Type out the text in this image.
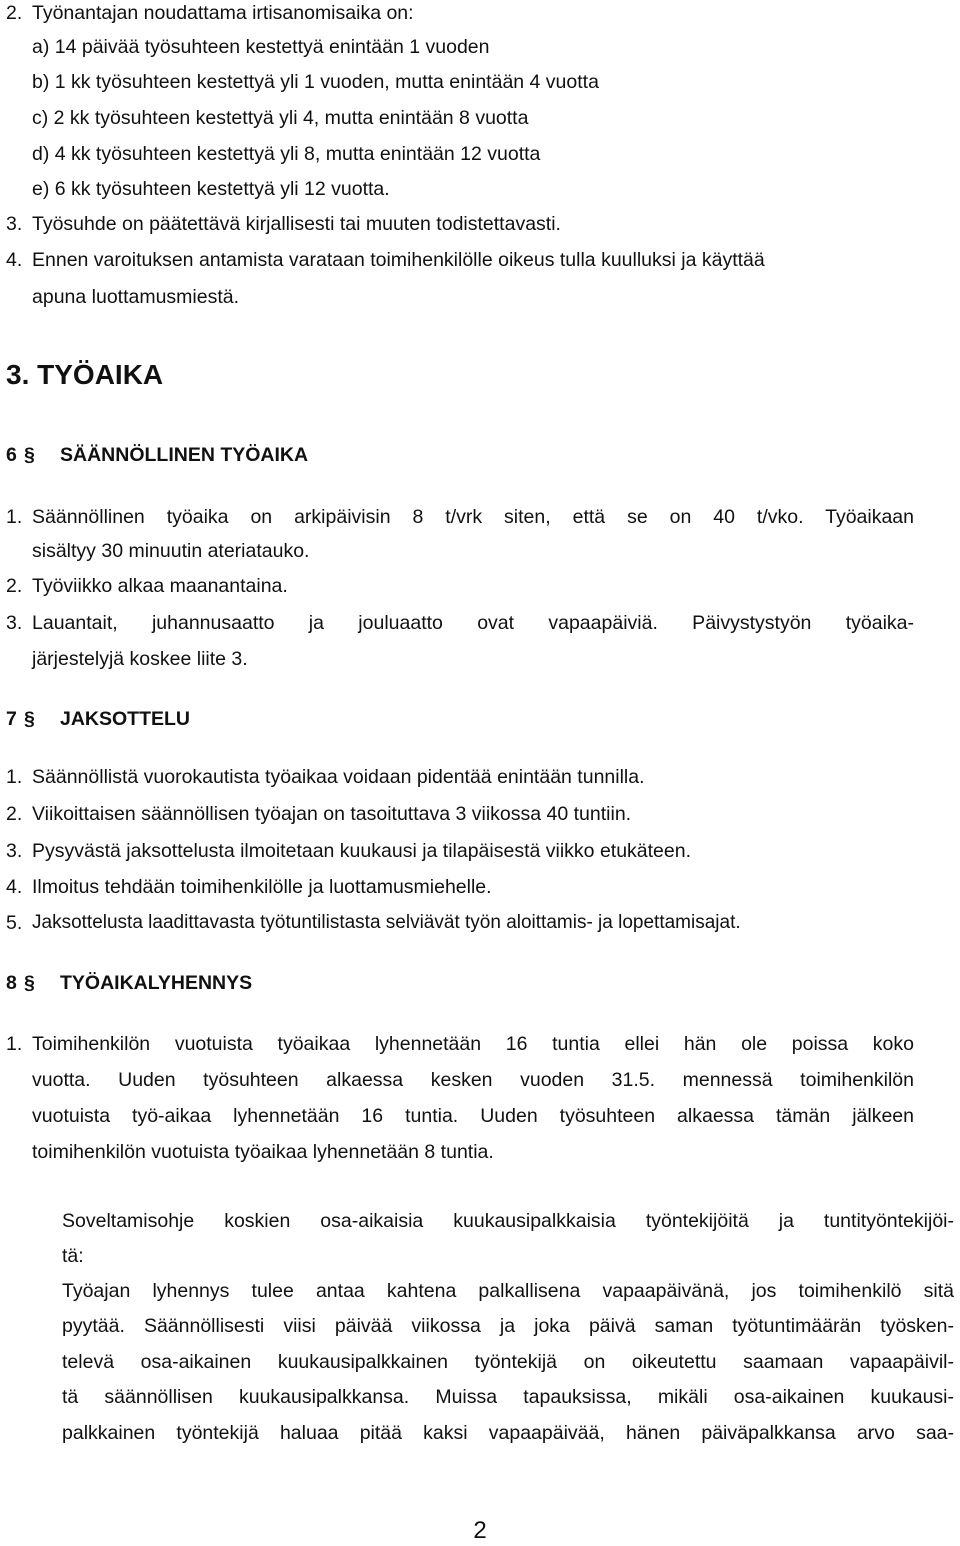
2. Työnantajan noudattama irtisanomisaika on:
a) 14 päivää työsuhteen kestettyä enintään 1 vuoden
b) 1 kk työsuhteen kestettyä yli 1 vuoden, mutta enintään 4 vuotta
c) 2 kk työsuhteen kestettyä yli 4, mutta enintään 8 vuotta
d) 4 kk työsuhteen kestettyä yli 8, mutta enintään 12 vuotta
e) 6 kk työsuhteen kestettyä yli 12 vuotta.
3. Työsuhde on päätettävä kirjallisesti tai muuten todistettavasti.
4. Ennen varoituksen antamista varataan toimihenkilölle oikeus tulla kuulluksi ja käyttää
apuna luottamusmiestä.
3. TYÖAIKA
6 § SÄÄNNÖLLINEN TYÖAIKA
1. Säännöllinen työaika on arkipäivisin 8 t/vrk siten, että se on 40 t/vko. Työaikaan
sisältyy 30 minuutin ateriatauko.
2. Työviikko alkaa maanantaina.
3. Lauantait, juhannusaatto ja jouluaatto ovat vapaapäiviä. Päivystystyön työaika-
järjestelyjä koskee liite 3.
7 § JAKSOTTELU
1. Säännöllistä vuorokautista työaikaa voidaan pidentää enintään tunnilla.
2. Viikoittaisen säännöllisen työajan on tasoituttava 3 viikossa 40 tuntiin.
3. Pysyvästä jaksottelusta ilmoitetaan kuukausi ja tilapäisestä viikko etukäteen.
4. Ilmoitus tehdään toimihenkilölle ja luottamusmiehelle.
5. Jaksottelusta laadittavasta työtuntilistasta selviävät työn aloittamis- ja lopettamisajat.
8 § TYÖAIKALYHENNYS
1. Toimihenkilön vuotuista työaikaa lyhennetään 16 tuntia ellei hän ole poissa koko
vuotta. Uuden työsuhteen alkaessa kesken vuoden 31.5. mennessä toimihenkilön
vuotuista työ-aikaa lyhennetään 16 tuntia. Uuden työsuhteen alkaessa tämän jälkeen
toimihenkilön vuotuista työaikaa lyhennetään 8 tuntia.
Soveltamisohje koskien osa-aikaisia kuukausipalkkaisia työntekijöitä ja tuntityöntekijöi-
tä:
Työajan lyhennys tulee antaa kahtena palkallisena vapaapäivänä, jos toimihenkilö sitä
pyytää. Säännöllisesti viisi päivää viikossa ja joka päivä saman työtuntimäärän työsken-
televä osa-aikainen kuukausipalkkainen työntekijä on oikeutettu saamaan vapaapäivil-
tä säännöllisen kuukausipalkkansa. Muissa tapauksissa, mikäli osa-aikainen kuukausi-
palkkainen työntekijä haluaa pitää kaksi vapaapäivää, hänen päiväpalkkansa arvo saa-
2
